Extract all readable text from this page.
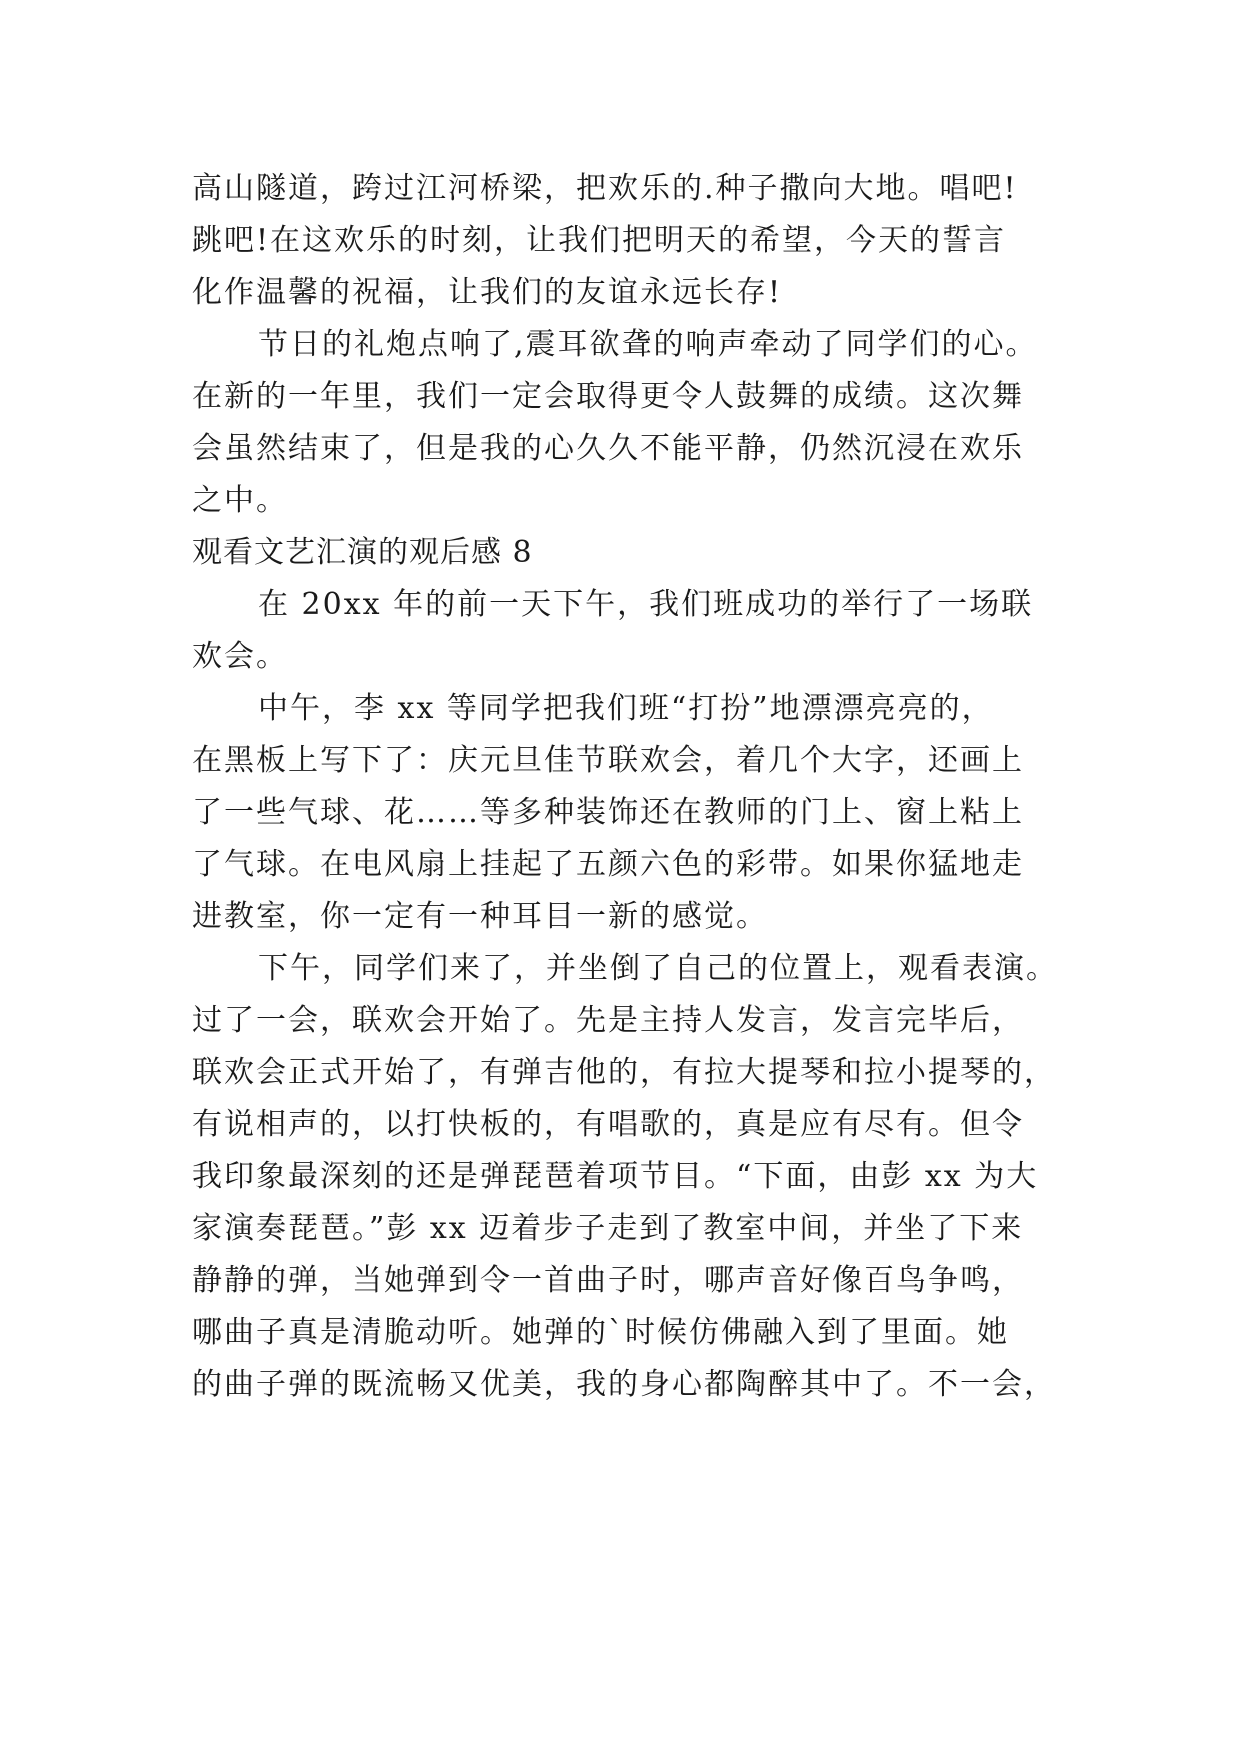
高山隧道，跨过江河桥梁，把欢乐的.种子撒向大地。唱吧!
跳吧!在这欢乐的时刻，让我们把明天的希望，今天的誓言
化作温馨的祝福，让我们的友谊永远长存!
节日的礼炮点响了,震耳欲聋的响声牵动了同学们的心。
在新的一年里，我们一定会取得更令人鼓舞的成绩。这次舞
会虽然结束了，但是我的心久久不能平静，仍然沉浸在欢乐
之中。
观看文艺汇演的观后感 8
在 20xx 年的前一天下午，我们班成功的举行了一场联
欢会。
中午，李 xx 等同学把我们班“打扮”地漂漂亮亮的，
在黑板上写下了：庆元旦佳节联欢会，着几个大字，还画上
了一些气球、花……等多种装饰还在教师的门上、窗上粘上
了气球。在电风扇上挂起了五颜六色的彩带。如果你猛地走
进教室，你一定有一种耳目一新的感觉。
下午，同学们来了，并坐倒了自己的位置上，观看表演。
过了一会，联欢会开始了。先是主持人发言，发言完毕后，
联欢会正式开始了，有弹吉他的，有拉大提琴和拉小提琴的，
有说相声的，以打快板的，有唱歌的，真是应有尽有。但令
我印象最深刻的还是弹琵琶着项节目。“下面，由彭 xx 为大
家演奏琵琶。”彭 xx 迈着步子走到了教室中间，并坐了下来
静静的弹，当她弹到令一首曲子时，哪声音好像百鸟争鸣，
哪曲子真是清脆动听。她弹的`时候仿佛融入到了里面。她
的曲子弹的既流畅又优美，我的身心都陶醉其中了。不一会，
